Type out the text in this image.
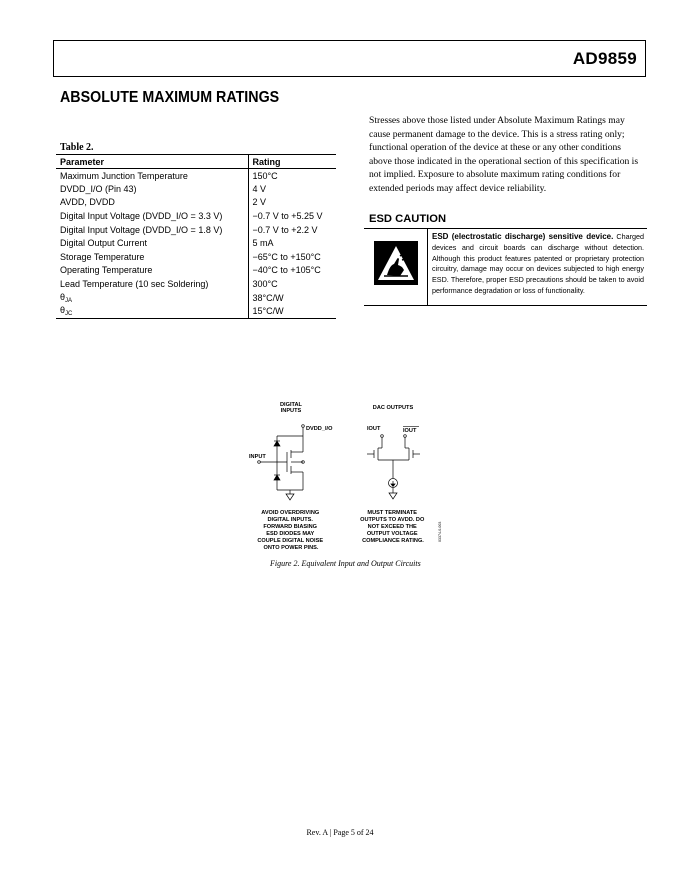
AD9859
ABSOLUTE MAXIMUM RATINGS
Table 2.
Parameter	Rating
Maximum Junction Temperature	150°C
DVDD_I/O (Pin 43)	4 V
AVDD, DVDD	2 V
Digital Input Voltage (DVDD_I/O = 3.3 V)	−0.7 V to +5.25 V
Digital Input Voltage (DVDD_I/O = 1.8 V)	−0.7 V to +2.2 V
Digital Output Current	5 mA
Storage Temperature	−65°C to +150°C
Operating Temperature	−40°C to +105°C
Lead Temperature (10 sec Soldering)	300°C
$\theta_{JA}$	38°C/W
$\theta_{JC}$	15°C/W
Stresses above those listed under Absolute Maximum Ratings may cause permanent damage to the device. This is a stress rating only; functional operation of the device at these or any other conditions above those indicated in the operational section of this specification is not implied. Exposure to absolute maximum rating conditions for extended periods may affect device reliability.
ESD CAUTION
ESD (electrostatic discharge) sensitive device. Charged devices and circuit boards can discharge without detection. Although this product features patented or proprietary protection circuitry, damage may occur on devices subjected to high energy ESD. Therefore, proper ESD precautions should be taken to avoid performance degradation or loss of functionality.
DIGITAL
INPUTS	DAC OUTPUTS
DVDD_I/O
INPUT
IOUT	IOUT
AVOID OVERDRIVING DIGITAL INPUTS. FORWARD BIASING ESD DIODES MAY COUPLE DIGITAL NOISE ONTO POWER PINS.
MUST TERMINATE OUTPUTS TO AVDD. DO NOT EXCEED THE OUTPUT VOLTAGE COMPLIANCE RATING.	03374-0-003
Figure 2. Equivalent Input and Output Circuits
Rev. A | Page 5 of 24
